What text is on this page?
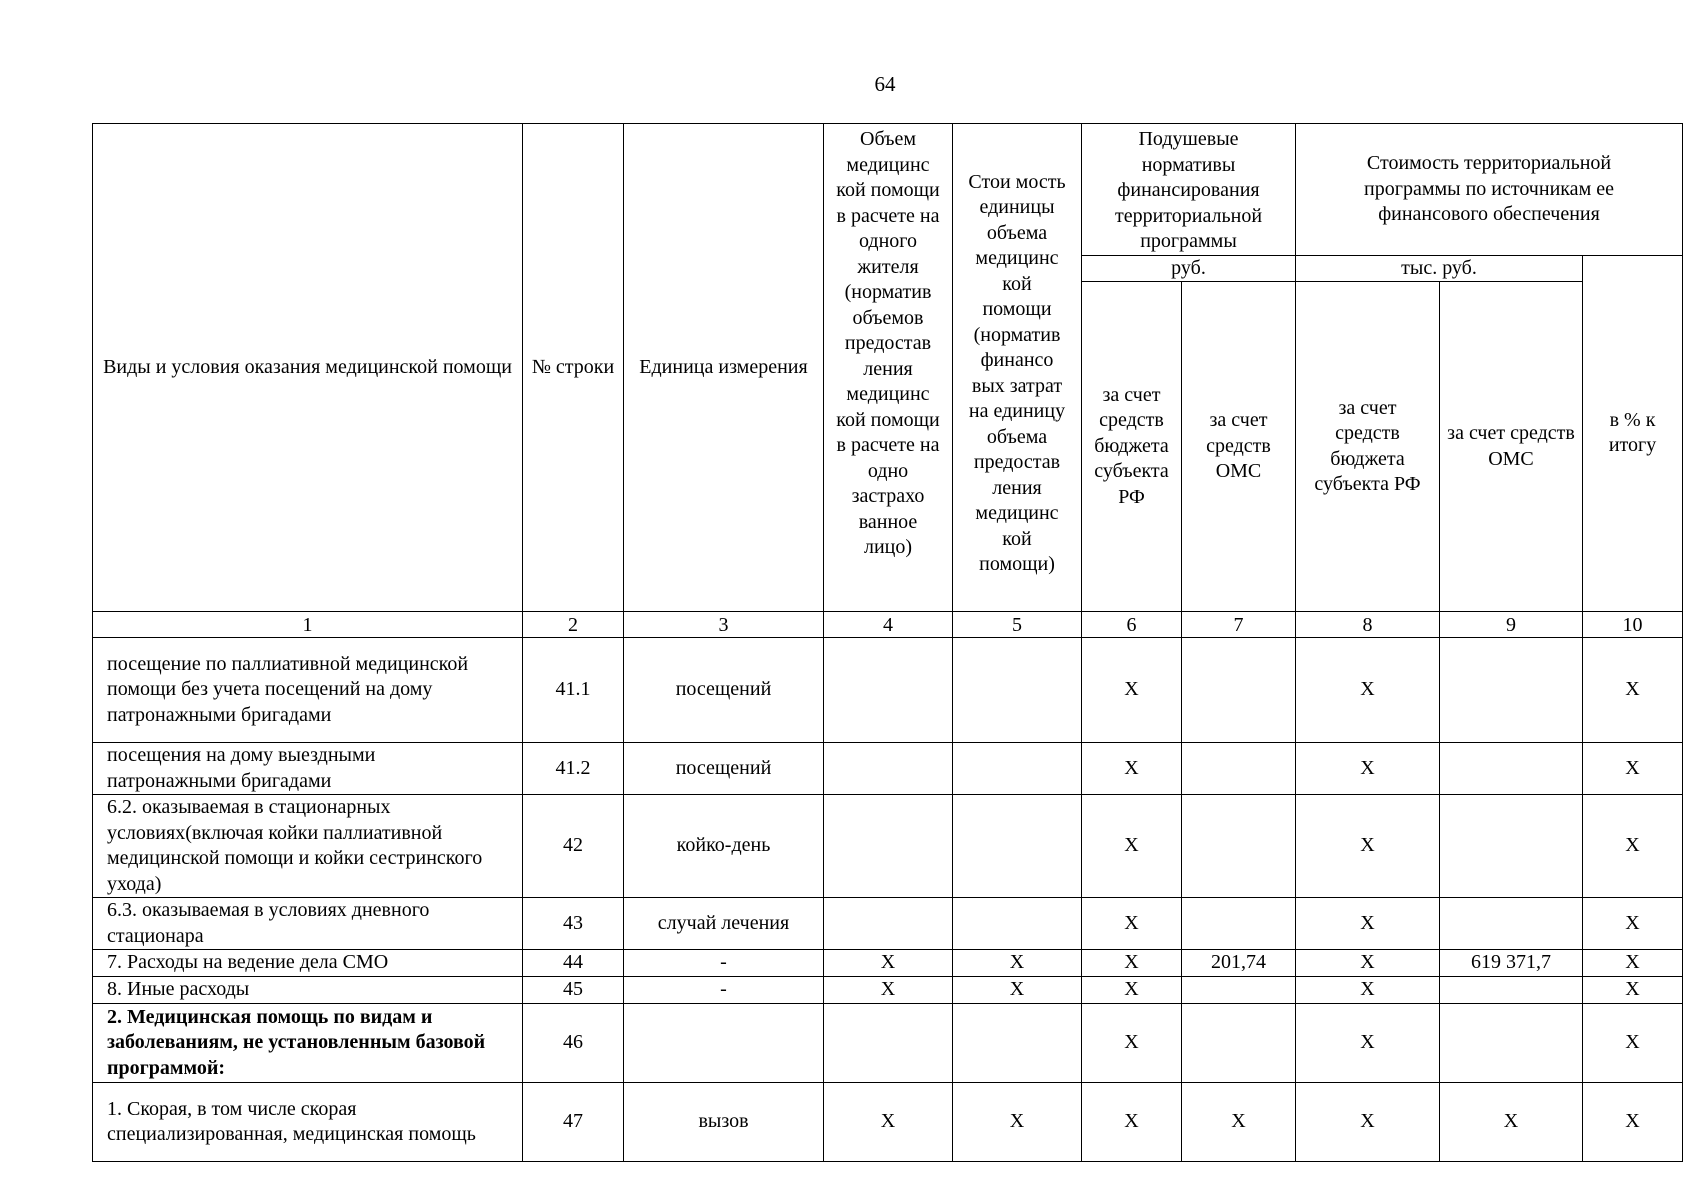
64
Виды и условия оказания медицинской помощи	№ строки	Единица измерения	Объем медицинс кой помощи в расчете на одного жителя (норматив объемов предостав ления медицинс кой помощи в расчете на одно застрахо ванное лицо)	Стои мость единицы объема медицинс кой помощи (норматив финансо вых затрат на единицу объема предостав ления медицинс кой помощи)	Подушевые нормативы финансирования территориальной программы		Стоимость территориальной программы по источникам ее финансового обеспечения		
					руб.		тыс. руб.		в % к итогу
					за счет средств бюджета субъекта РФ	за счет средств ОМС	за счет средств бюджета субъекта РФ	за счет средств ОМС	
1	2	3	4	5	6	7	8	9	10
посещение по паллиативной медицинской помощи без учета посещений на дому патронажными бригадами	41.1	посещений			X		X		X
посещения на дому выездными патронажными бригадами	41.2	посещений			X		X		X
6.2. оказываемая в стационарных условиях(включая койки паллиативной медицинской помощи и койки сестринского ухода)	42	койко-день			X		X		X
6.3. оказываемая в условиях дневного стационара	43	случай лечения			X		X		X
7. Расходы на ведение дела СМО	44	-	X	X	X	201,74	X	619 371,7	X
8. Иные расходы	45	-	X	X	X		X		X
2. Медицинская помощь по видам и заболеваниям, не установленным базовой программой:	46				X		X		X
1. Скорая, в том числе скорая специализированная, медицинская помощь	47	вызов	X	X	X	X	X	X	X
